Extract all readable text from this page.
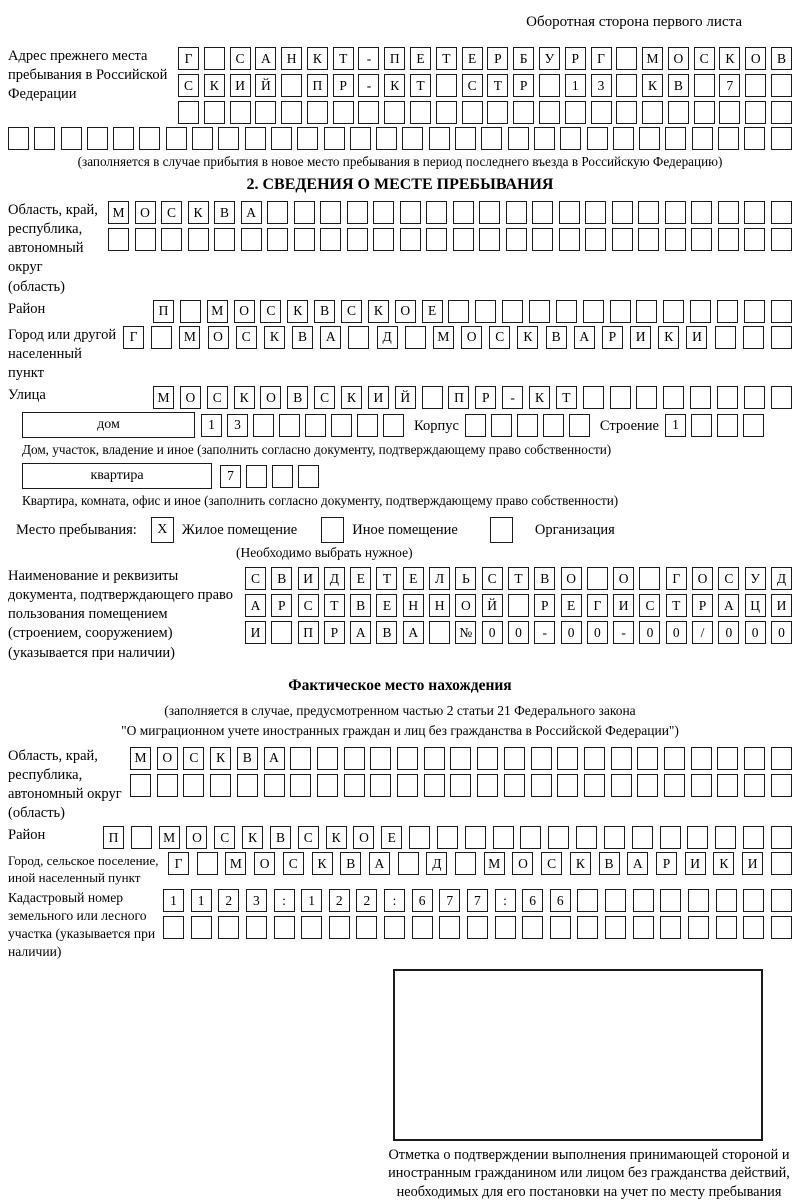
Оборотная сторона первого листа
Адрес прежнего места пребывания в Российской Федерации
Г	С	А	Н	К	Т	-	П	Е	Т	Е	Р	Б	У	Р	Г	М	О	С	К	О	В
С	К	И	Й	П	Р	-	К	Т	С	Т	Р	1	3	К	В	7
(заполняется в случае прибытия в новое место пребывания в период последнего въезда в Российскую Федерацию)
2. СВЕДЕНИЯ О МЕСТЕ ПРЕБЫВАНИЯ
Область, край, республика, автономный округ (область)
М	О	С	К	В	А
Район	П	М	О	С	К	В	С	К	О	Е
Город или другой населенный пункт
Г	М	О	С	К	В	А	Д	М	О	С	К	В	А	Р	И	К	И
Улица	М	О	С	К	О	В	С	К	И	Й	П	Р	-	К	Т
дом	1	3	Корпус	Строение 1
Дом, участок, владение и иное (заполнить согласно документу, подтверждающему право собственности)
квартира	7
Квартира, комната, офис и иное (заполнить согласно документу, подтверждающему право собственности)
Место пребывания:	X Жилое помещение	Иное помещение	Организация
(Необходимо выбрать нужное)
Наименование и реквизиты документа, подтверждающего право пользования помещением (строением, сооружением) (указывается при наличии)
С	В	И	Д	Е	Т	Е	Л	Ь	С	Т	В	О	О	Г	О	С	У	Д
А	Р	С	Т	В	Е	Н	Н	О	Й	Р	Е	Г	И	С	Т	Р	А	Ц	И
И	П	Р	А	В	А	№	0	0	-	0	0	-	0	0	/	0	0	0
Фактическое место нахождения
(заполняется в случае, предусмотренном частью 2 статьи 21 Федерального закона
"О миграционном учете иностранных граждан и лиц без гражданства в Российской Федерации")
Область, край, республика, автономный округ (область)
М	О	С	К	В	А
Район	П	М	О	С	К	В	С	К	О	Е
Город, сельское поселение, иной населенный пункт
Г	М	О	С	К	В	А	Д	М	О	С	К	В	А	Р	И	К	И
Кадастровый номер земельного или лесного участка (указывается при наличии)
1	1	2	3	:	1	2	2	:	6	7	7	:	6	6
Отметка о подтверждении выполнения принимающей стороной и иностранным гражданином или лицом без гражданства действий, необходимых для его постановки на учет по месту пребывания
